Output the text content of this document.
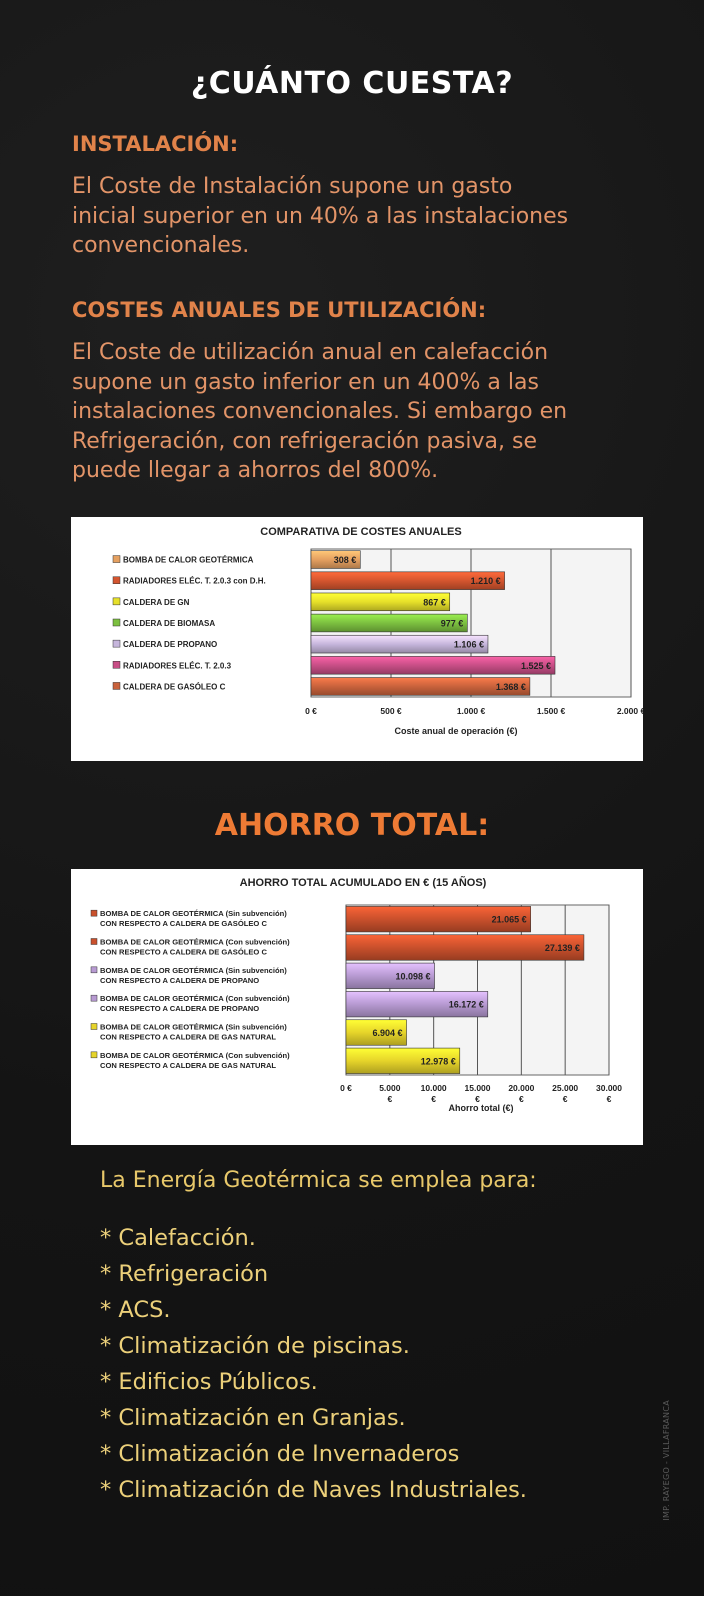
¿CUÁNTO CUESTA?
INSTALACIÓN:
El Coste de Instalación supone un gasto
inicial superior en un 40% a las instalaciones
convencionales.
COSTES ANUALES DE UTILIZACIÓN:
El Coste de utilización anual en calefacción
supone un gasto inferior en un 400% a las
instalaciones convencionales. Si embargo en
Refrigeración, con refrigeración pasiva, se
puede llegar a ahorros del 800%.
COMPARATIVA DE COSTES ANUALES
0 €	500 €	1.000 €	1.500 €	2.000 €
Coste anual de operación (€)
308 €
BOMBA DE CALOR GEOTÉRMICA
1.210 €
RADIADORES ELÉC. T. 2.0.3 con D.H.
867 €
CALDERA DE GN
977 €
CALDERA DE BIOMASA
1.106 €
CALDERA DE PROPANO
1.525 €
RADIADORES ELÉC. T. 2.0.3
1.368 €
CALDERA DE GASÓLEO C
AHORRO TOTAL:
AHORRO TOTAL ACUMULADO EN € (15 AÑOS)
0 €	5.000
€
10.000
€
15.000
€
20.000
€
25.000
€
30.000
€
Ahorro total (€)
21.065 €
BOMBA DE CALOR GEOTÉRMICA (Sin subvención)
CON RESPECTO A CALDERA DE GASÓLEO C
27.139 €
BOMBA DE CALOR GEOTÉRMICA (Con subvención)
CON RESPECTO A CALDERA DE GASÓLEO C
10.098 €
BOMBA DE CALOR GEOTÉRMICA (Sin subvención)
CON RESPECTO A CALDERA DE PROPANO
16.172 €
BOMBA DE CALOR GEOTÉRMICA (Con subvención)
CON RESPECTO A CALDERA DE PROPANO
6.904 €
BOMBA DE CALOR GEOTÉRMICA (Sin subvención)
CON RESPECTO A CALDERA DE GAS NATURAL
12.978 €
BOMBA DE CALOR GEOTÉRMICA (Con subvención)
CON RESPECTO A CALDERA DE GAS NATURAL
La Energía Geotérmica se emplea para:
* Calefacción.
* Refrigeración
* ACS.
* Climatización de piscinas.
* Edificios Públicos.
* Climatización en Granjas.
* Climatización de Invernaderos
* Climatización de Naves Industriales.	IMP. RAYEGO - VILLAFRANCA
